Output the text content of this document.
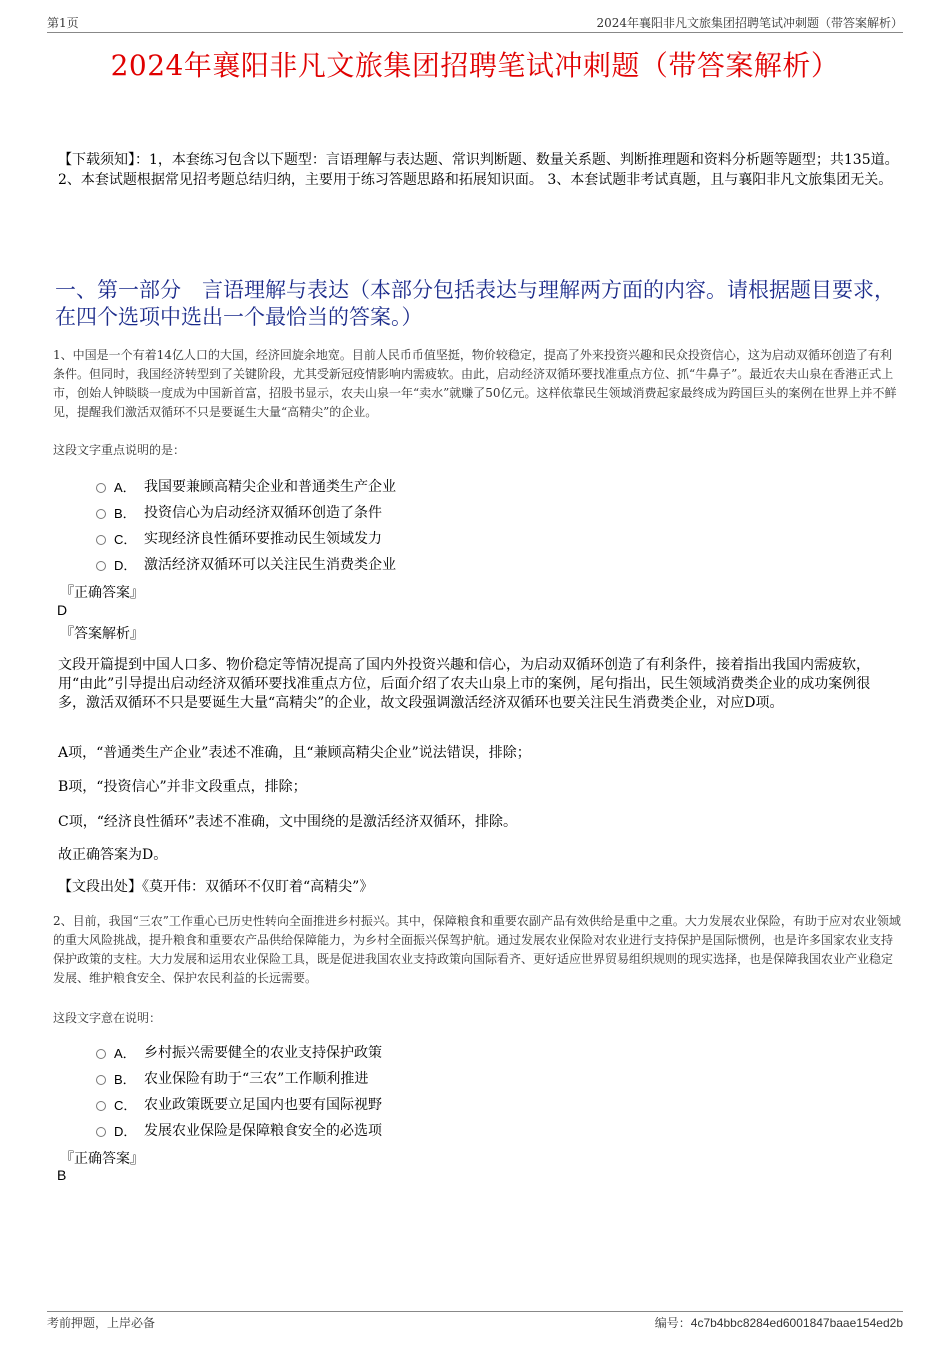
第1页	2024年襄阳非凡文旅集团招聘笔试冲刺题（带答案解析）
2024年襄阳非凡文旅集团招聘笔试冲刺题（带答案解析）
【下载须知】：1，本套练习包含以下题型：言语理解与表达题、常识判断题、数量关系题、判断推理题和资料分析题等题型；共135道。 2、本套试题根据常见招考题总结归纳，主要用于练习答题思路和拓展知识面。 3、本套试题非考试真题，且与襄阳非凡文旅集团无关。
一、第一部分　言语理解与表达（本部分包括表达与理解两方面的内容。请根据题目要求，在四个选项中选出一个最恰当的答案。）
1、中国是一个有着14亿人口的大国，经济回旋余地宽。目前人民币币值坚挺，物价较稳定，提高了外来投资兴趣和民众投资信心，这为启动双循环创造了有利条件。但同时，我国经济转型到了关键阶段，尤其受新冠疫情影响内需疲软。由此，启动经济双循环要找准重点方位、抓“牛鼻子”。最近农夫山泉在香港正式上市，创始人钟睒睒一度成为中国新首富，招股书显示，农夫山泉一年“卖水”就赚了50亿元。这样依靠民生领域消费起家最终成为跨国巨头的案例在世界上并不鲜见，提醒我们激活双循环不只是要诞生大量“高精尖”的企业。
这段文字重点说明的是：
A． 我国要兼顾高精尖企业和普通类生产企业
B． 投资信心为启动经济双循环创造了条件
C． 实现经济良性循环要推动民生领域发力
D． 激活经济双循环可以关注民生消费类企业
『正确答案』
D
『答案解析』
文段开篇提到中国人口多、物价稳定等情况提高了国内外投资兴趣和信心，为启动双循环创造了有利条件，接着指出我国内需疲软，用“由此”引导提出启动经济双循环要找准重点方位，后面介绍了农夫山泉上市的案例，尾句指出，民生领域消费类企业的成功案例很多，激活双循环不只是要诞生大量“高精尖”的企业，故文段强调激活经济双循环也要关注民生消费类企业，对应D项。
A项，“普通类生产企业”表述不准确，且“兼顾高精尖企业”说法错误，排除；
B项，“投资信心”并非文段重点，排除；
C项，“经济良性循环”表述不准确，文中围绕的是激活经济双循环，排除。
故正确答案为D。
【文段出处】《莫开伟：双循环不仅盯着“高精尖”》
2、目前，我国“三农”工作重心已历史性转向全面推进乡村振兴。其中，保障粮食和重要农副产品有效供给是重中之重。大力发展农业保险，有助于应对农业领域的重大风险挑战，提升粮食和重要农产品供给保障能力，为乡村全面振兴保驾护航。通过发展农业保险对农业进行支持保护是国际惯例，也是许多国家农业支持保护政策的支柱。大力发展和运用农业保险工具，既是促进我国农业支持政策向国际看齐、更好适应世界贸易组织规则的现实选择，也是保障我国农业产业稳定发展、维护粮食安全、保护农民利益的长远需要。
这段文字意在说明：
A． 乡村振兴需要健全的农业支持保护政策
B． 农业保险有助于“三农”工作顺利推进
C． 农业政策既要立足国内也要有国际视野
D． 发展农业保险是保障粮食安全的必选项
『正确答案』
B
考前押题，上岸必备	编号：4c7b4bbc8284ed6001847baae154ed2b
